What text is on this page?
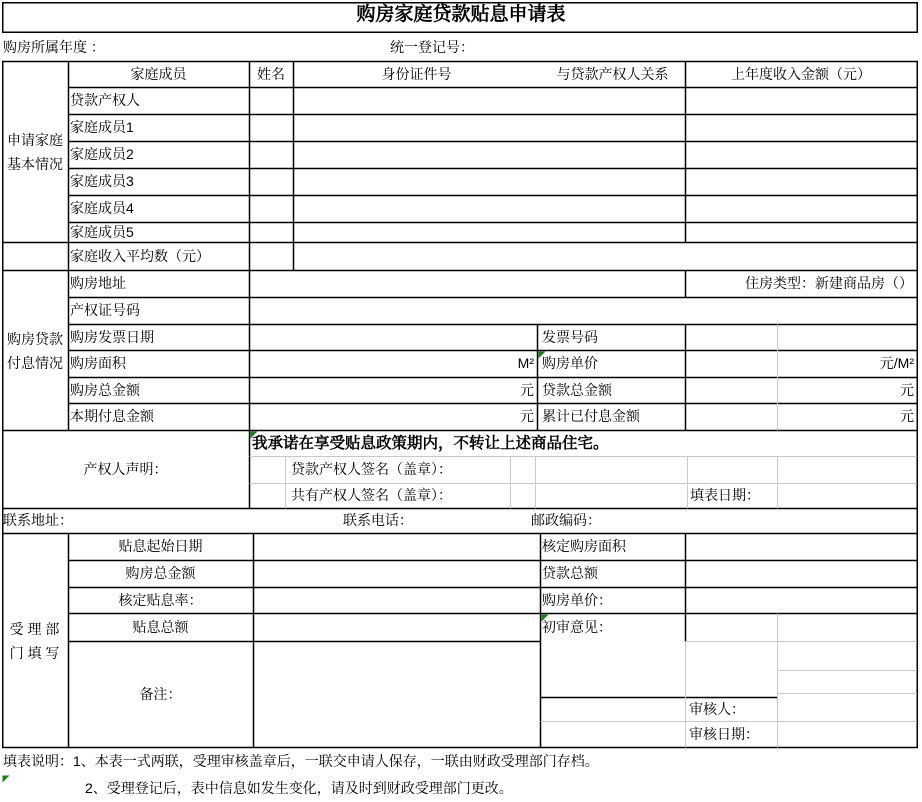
购房家庭贷款贴息申请表
购房所属年度 ：	统一登记号：
申请家庭
基本情况
家庭成员	姓名	身份证件号	与贷款产权人关系	上年度收入金额（元）
贷款产权人
家庭成员1
家庭成员2
家庭成员3
家庭成员4
家庭成员5
家庭收入平均数（元）
购房贷款
付息情况
购房地址	住房类型：新建商品房（）
产权证号码
购房发票日期	发票号码
购房面积	M² 购房单价	元/M²
购房总金额	元 贷款总金额	元
本期付息金额	元 累计已付息金额	元
产权人声明：
我承诺在享受贴息政策期内，不转让上述商品住宅。
贷款产权人签名（盖章）：
共有产权人签名（盖章）：	填表日期：
联系地址：	联系电话：	邮政编码：
受 理 部
门 填 写
贴息起始日期	核定购房面积
购房总金额	贷款总额
核定贴息率：	购房单价：
贴息总额	初审意见：
备注：
审核人：
审核日期：
填表说明：1、本表一式两联，受理审核盖章后，一联交申请人保存，一联由财政受理部门存档。
2、受理登记后，表中信息如发生变化，请及时到财政受理部门更改。
